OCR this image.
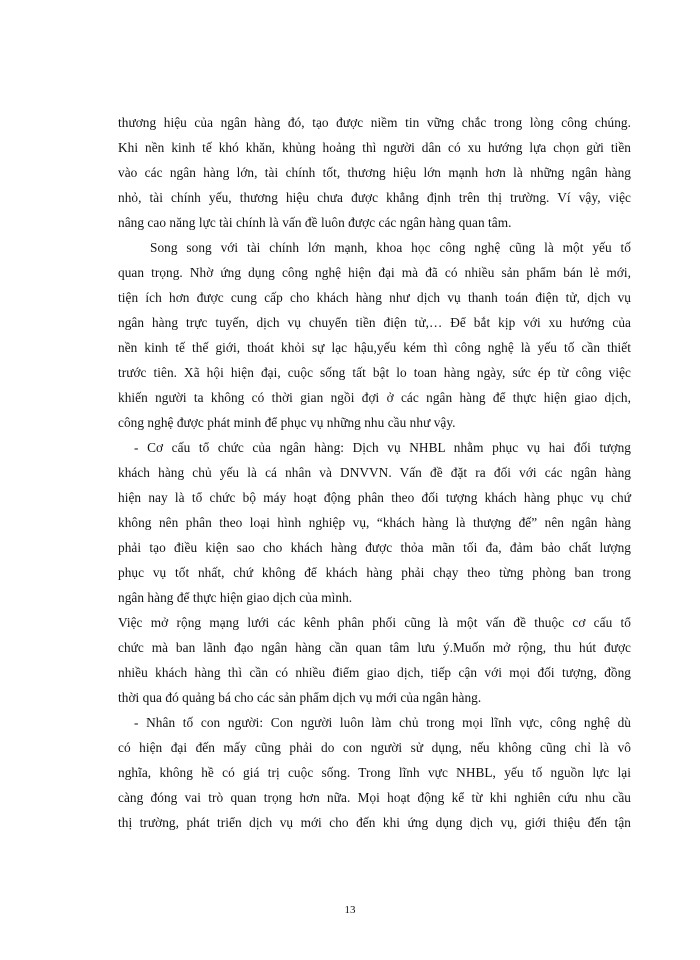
thương hiệu của ngân hàng đó, tạo được niềm tin vững chắc trong lòng công chúng.
Khi nền kinh tế khó khăn, khủng hoảng thì người dân có xu hướng lựa chọn gửi tiền
vào các ngân hàng lớn, tài chính tốt, thương hiệu lớn mạnh hơn là những ngân hàng
nhỏ, tài chính yếu, thương hiệu chưa được khẳng định trên thị trường. Ví vậy, việc
nâng cao năng lực tài chính là vấn đề luôn được các ngân hàng quan tâm.
Song song với tài chính lớn mạnh, khoa học công nghệ cũng là một yếu tố
quan trọng. Nhờ ứng dụng công nghệ hiện đại mà đã có nhiều sản phẩm bán lẻ mới,
tiện ích hơn được cung cấp cho khách hàng như dịch vụ thanh toán điện tử, dịch vụ
ngân hàng trực tuyến, dịch vụ chuyển tiền điện tử,… Để bắt kịp với xu hướng của
nền kinh tế thế giới, thoát khỏi sự lạc hậu,yếu kém thì công nghệ là yếu tố cần thiết
trước tiên. Xã hội hiện đại, cuộc sống tất bật lo toan hàng ngày, sức ép từ công việc
khiến người ta không có thời gian ngồi đợi ở các ngân hàng để thực hiện giao dịch,
công nghệ được phát minh để phục vụ những nhu cầu như vậy.
- Cơ cấu tổ chức của ngân hàng: Dịch vụ NHBL nhằm phục vụ hai đối tượng
khách hàng chủ yếu là cá nhân và DNVVN. Vấn đề đặt ra đối với các ngân hàng
hiện nay là tổ chức bộ máy hoạt động phân theo đối tượng khách hàng phục vụ chứ
không nên phân theo loại hình nghiệp vụ, “khách hàng là thượng đế” nên ngân hàng
phải tạo điều kiện sao cho khách hàng được thỏa mãn tối đa, đảm bảo chất lượng
phục vụ tốt nhất, chứ không để khách hàng phải chạy theo từng phòng ban trong
ngân hàng để thực hiện giao dịch của mình.
Việc mở rộng mạng lưới các kênh phân phối cũng là một vấn đề thuộc cơ cấu tổ
chức mà ban lãnh đạo ngân hàng cần quan tâm lưu ý.Muốn mở rộng, thu hút được
nhiều khách hàng thì cần có nhiều điểm giao dịch, tiếp cận với mọi đối tượng, đồng
thời qua đó quảng bá cho các sản phẩm dịch vụ mới của ngân hàng.
- Nhân tố con người: Con người luôn làm chủ trong mọi lĩnh vực, công nghệ dù
có hiện đại đến mấy cũng phải do con người sử dụng, nếu không cũng chỉ là vô
nghĩa, không hề có giá trị cuộc sống. Trong lĩnh vực NHBL, yếu tố nguồn lực lại
càng đóng vai trò quan trọng hơn nữa. Mọi hoạt động kể từ khi nghiên cứu nhu cầu
thị trường, phát triển dịch vụ mới cho đến khi ứng dụng dịch vụ, giới thiệu đến tận
13
